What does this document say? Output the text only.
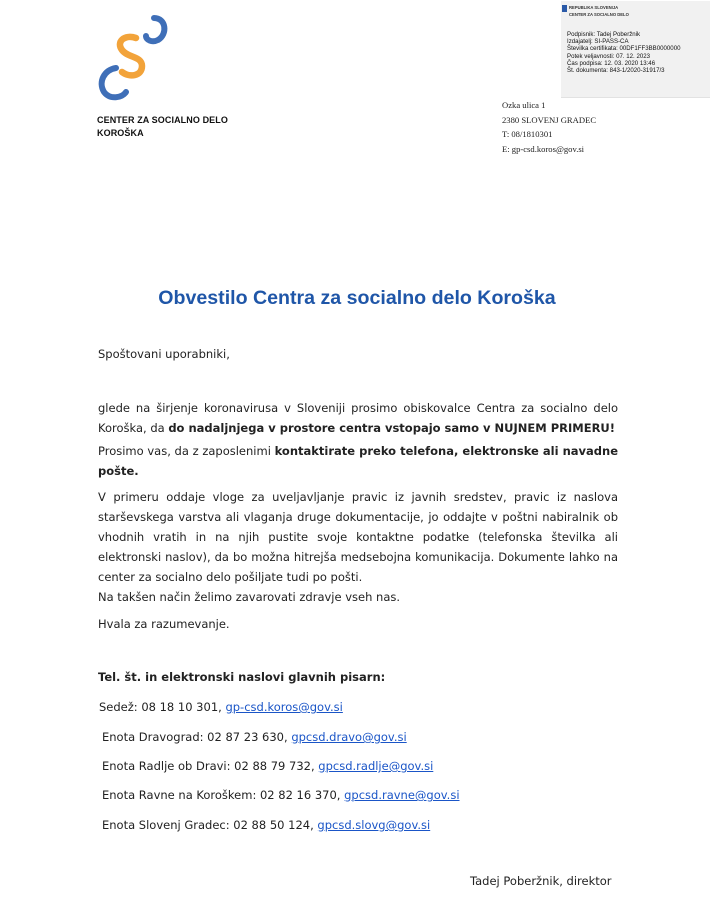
CENTER ZA SOCIALNO DELO
KOROŠKA
Ozka ulica 1
2380 SLOVENJ GRADEC
T: 08/1810301
E: gp-csd.koros@gov.si
REPUBLIKA SLOVENIJA
CENTER ZA SOCIALNO DELO
Podpisnik: Tadej Poberžnik
Izdajatelj: SI-PASS-CA
Številka certifikata: 00DF1FF3BB0000000
Potek veljavnosti: 07. 12. 2023
Čas podpisa: 12. 03. 2020 13:46
Št. dokumenta: 843-1/2020-31917/3
Obvestilo Centra za socialno delo Koroška
Spoštovani uporabniki,
glede na širjenje koronavirusa v Sloveniji prosimo obiskovalce Centra za socialno delo Koroška, da do nadaljnjega v prostore centra vstopajo samo v NUJNEM PRIMERU!
Prosimo vas, da z zaposlenimi kontaktirate preko telefona, elektronske ali navadne pošte.
V primeru oddaje vloge za uveljavljanje pravic iz javnih sredstev, pravic iz naslova starševskega varstva ali vlaganja druge dokumentacije, jo oddajte v poštni nabiralnik ob vhodnih vratih in na njih pustite svoje kontaktne podatke (telefonska številka ali elektronski naslov), da bo možna hitrejša medsebojna komunikacija. Dokumente lahko na center za socialno delo pošiljate tudi po pošti.
Na takšen način želimo zavarovati zdravje vseh nas.
Hvala za razumevanje.
Tel. št. in elektronski naslovi glavnih pisarn:
Sedež: 08 18 10 301, gp-csd.koros@gov.si
Enota Dravograd: 02 87 23 630, gpcsd.dravo@gov.si
Enota Radlje ob Dravi: 02 88 79 732, gpcsd.radlje@gov.si
Enota Ravne na Koroškem: 02 82 16 370, gpcsd.ravne@gov.si
Enota Slovenj Gradec: 02 88 50 124, gpcsd.slovg@gov.si
Tadej Poberžnik, direktor
